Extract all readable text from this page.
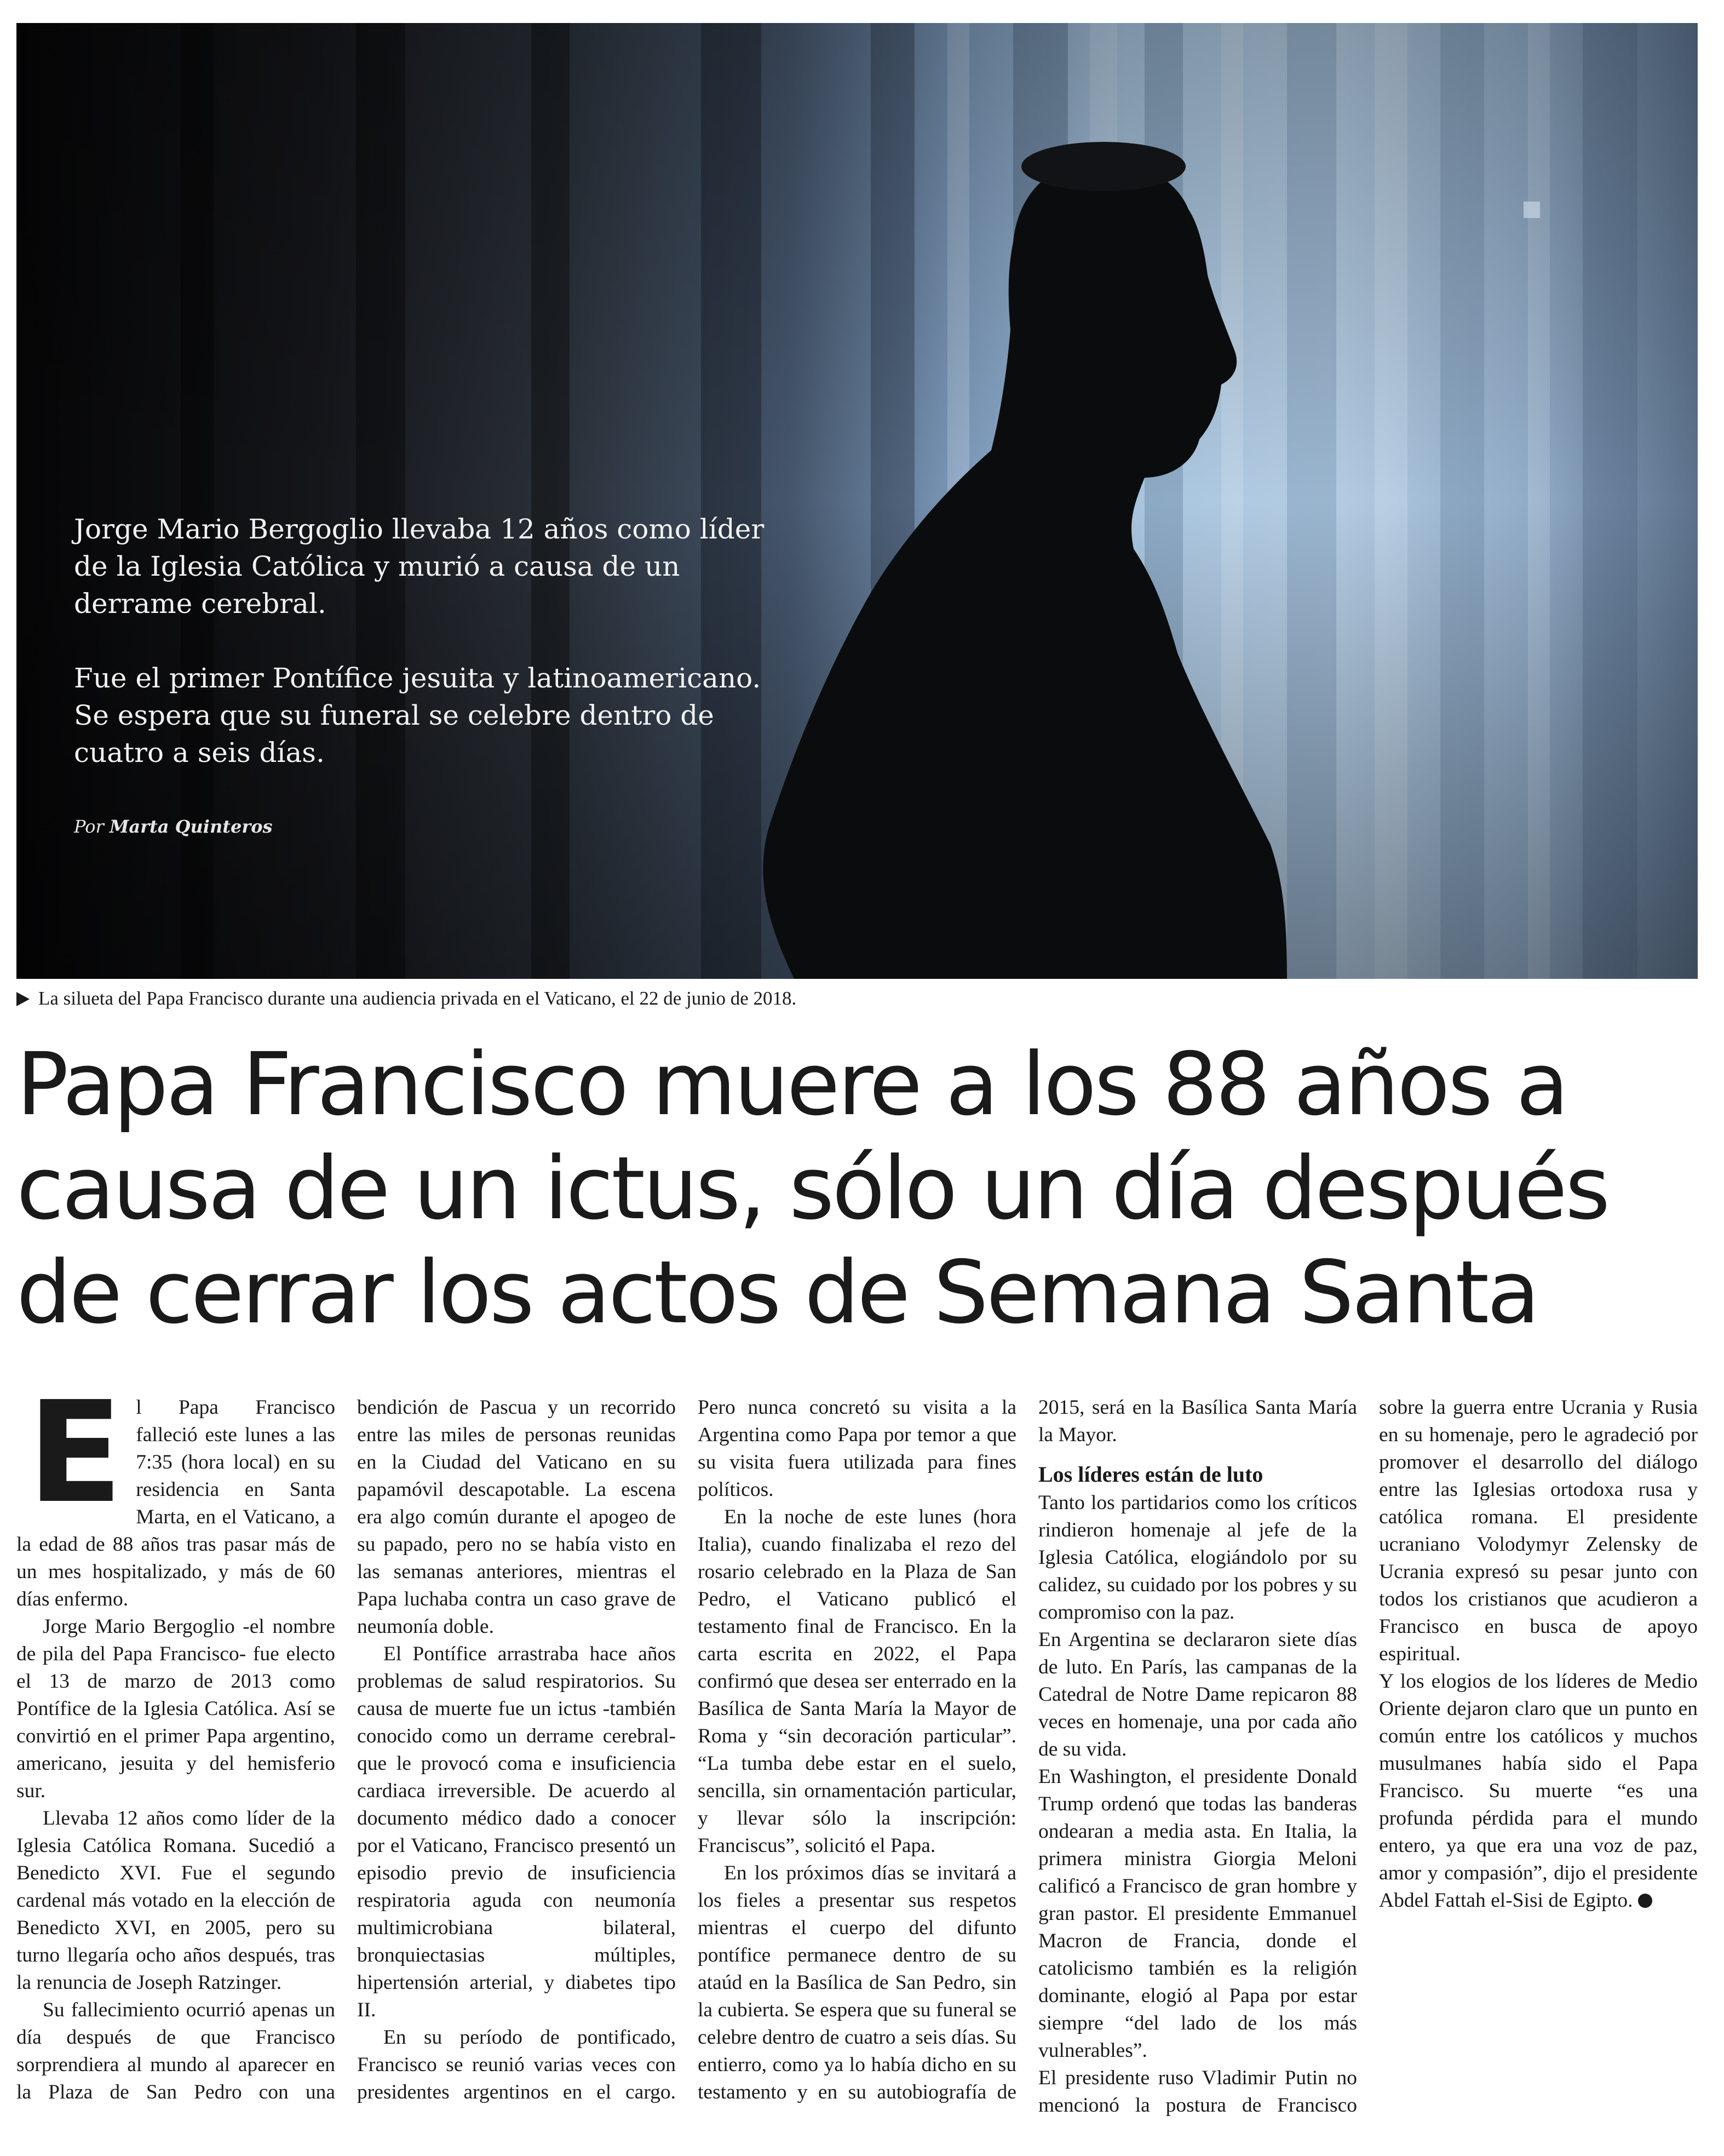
Jorge Mario Bergoglio llevaba 12 años como líder de la Iglesia Católica y murió a causa de un derrame cerebral.

Fue el primer Pontífice jesuita y latinoamericano. Se espera que su funeral se celebre dentro de cuatro a seis días.

Por Marta Quinteros
La silueta del Papa Francisco durante una audiencia privada en el Vaticano, el 22 de junio de 2018.
Papa Francisco muere a los 88 años a causa de un ictus, sólo un día después de cerrar los actos de Semana Santa

El Papa Francisco falleció este lunes a las 7:35 (hora local) en su residencia en Santa Marta, en el Vaticano, a la edad de 88 años tras pasar más de un mes hospitalizado, y más de 60 días enfermo.

Jorge Mario Bergoglio -el nombre de pila del Papa Francisco- fue electo el 13 de marzo de 2013 como Pontífice de la Iglesia Católica. Así se convirtió en el primer Papa argentino, americano, jesuita y del hemisferio sur.

Llevaba 12 años como líder de la Iglesia Católica Romana. Sucedió a Benedicto XVI. Fue el segundo cardenal más votado en la elección de Benedicto XVI, en 2005, pero su turno llegaría ocho años después, tras la renuncia de Joseph Ratzinger.

Su fallecimiento ocurrió apenas un día después de que Francisco sorprendiera al mundo al aparecer en la Plaza de San Pedro con una bendición de Pascua y un recorrido entre las miles de personas reunidas en la Ciudad del Vaticano en su papamóvil descapotable. La escena era algo común durante el apogeo de su papado, pero no se había visto en las semanas anteriores, mientras el Papa luchaba contra un caso grave de neumonía doble.

El Pontífice arrastraba hace años problemas de salud respiratorios. Su causa de muerte fue un ictus -también conocido como un derrame cerebral- que le provocó coma e insuficiencia cardiaca irreversible. De acuerdo al documento médico dado a conocer por el Vaticano, Francisco presentó un episodio previo de insuficiencia respiratoria aguda con neumonía multimicrobiana bilateral, bronquiectasias múltiples, hipertensión arterial, y diabetes tipo II.

En su período de pontificado, Francisco se reunió varias veces con presidentes argentinos en el cargo. Pero nunca concretó su visita a la Argentina como Papa por temor a que su visita fuera utilizada para fines políticos.

En la noche de este lunes (hora Italia), cuando finalizaba el rezo del rosario celebrado en la Plaza de San Pedro, el Vaticano publicó el testamento final de Francisco. En la carta escrita en 2022, el Papa confirmó que desea ser enterrado en la Basílica de Santa María la Mayor de Roma y “sin decoración particular”. “La tumba debe estar en el suelo, sencilla, sin ornamentación particular, y llevar sólo la inscripción: Franciscus”, solicitó el Papa.

En los próximos días se invitará a los fieles a presentar sus respetos mientras el cuerpo del difunto pontífice permanece dentro de su ataúd en la Basílica de San Pedro, sin la cubierta. Se espera que su funeral se celebre dentro de cuatro a seis días. Su entierro, como ya lo había dicho en su testamento y en su autobiografía de 2015, será en la Basílica Santa María la Mayor.

Los líderes están de luto

Tanto los partidarios como los críticos rindieron homenaje al jefe de la Iglesia Católica, elogiándolo por su calidez, su cuidado por los pobres y su compromiso con la paz.

En Argentina se declararon siete días de luto. En París, las campanas de la Catedral de Notre Dame repicaron 88 veces en homenaje, una por cada año de su vida.

En Washington, el presidente Donald Trump ordenó que todas las banderas ondearan a media asta. En Italia, la primera ministra Giorgia Meloni calificó a Francisco de gran hombre y gran pastor. El presidente Emmanuel Macron de Francia, donde el catolicismo también es la religión dominante, elogió al Papa por estar siempre “del lado de los más vulnerables”.

El presidente ruso Vladimir Putin no mencionó la postura de Francisco sobre la guerra entre Ucrania y Rusia en su homenaje, pero le agradeció por promover el desarrollo del diálogo entre las Iglesias ortodoxa rusa y católica romana. El presidente ucraniano Volodymyr Zelensky de Ucrania expresó su pesar junto con todos los cristianos que acudieron a Francisco en busca de apoyo espiritual.

Y los elogios de los líderes de Medio Oriente dejaron claro que un punto en común entre los católicos y muchos musulmanes había sido el Papa Francisco. Su muerte “es una profunda pérdida para el mundo entero, ya que era una voz de paz, amor y compasión”, dijo el presidente Abdel Fattah el-Sisi de Egipto.
